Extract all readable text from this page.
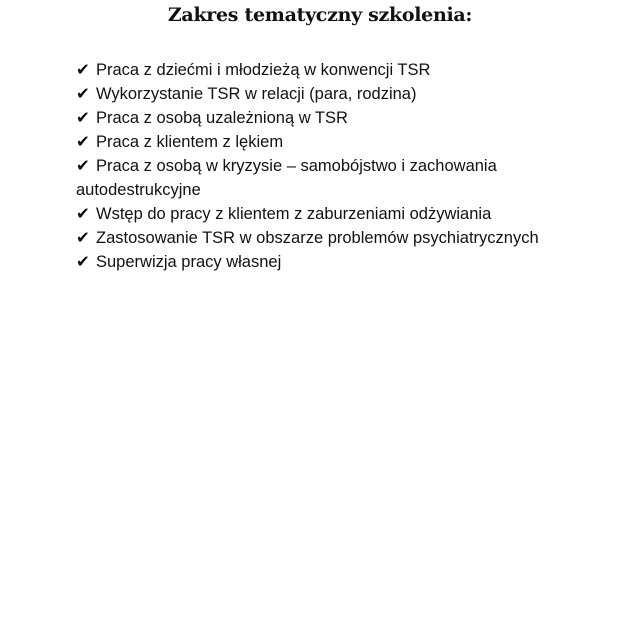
Zakres tematyczny szkolenia:
✔ Praca z dziećmi i młodzieżą w konwencji TSR
✔ Wykorzystanie TSR w relacji (para, rodzina)
✔ Praca z osobą uzależnioną w TSR
✔ Praca z klientem z lękiem
✔ Praca z osobą w kryzysie – samobójstwo i zachowania
autodestrukcyjne
✔ Wstęp do pracy z klientem z zaburzeniami odżywiania
✔ Zastosowanie TSR w obszarze problemów psychiatrycznych
✔ Superwizja pracy własnej
